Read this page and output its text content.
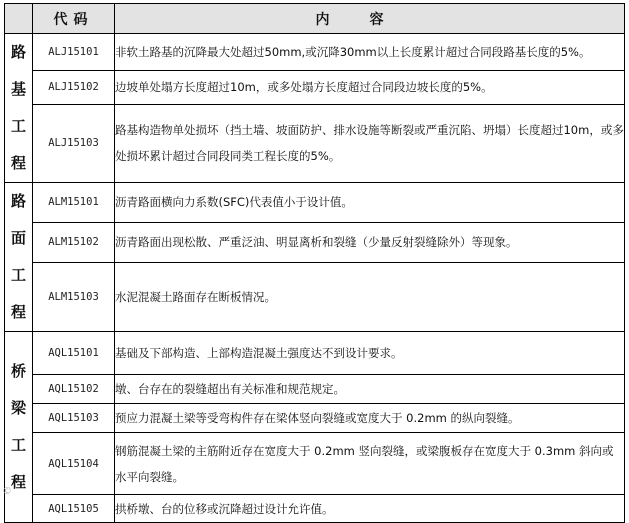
	代码	内容

路
基
工
程	ALJ15101	非软土路基的沉降最大处超过50mm,或沉降30mm以上长度累计超过合同段路基长度的5%。
	ALJ15102	边坡单处塌方长度超过10m，或多处塌方长度超过合同段边坡长度的5%。
	ALJ15103	路基构造物单处损坏（挡土墙、坡面防护、排水设施等断裂或严重沉陷、坍塌）长度超过10m，或多处损坏累计超过合同段同类工程长度的5%。

路
面
工
程	ALM15101	沥青路面横向力系数(SFC)代表值小于设计值。
	ALM15102	沥青路面出现松散、严重泛油、明显离析和裂缝（少量反射裂缝除外）等现象。
	ALM15103	水泥混凝土路面存在断板情况。

桥
梁
工
程	AQL15101	基础及下部构造、上部构造混凝土强度达不到设计要求。
	AQL15102	墩、台存在的裂缝超出有关标准和规范规定。
	AQL15103	预应力混凝土梁等受弯构件存在梁体竖向裂缝或宽度大于 0.2mm 的纵向裂缝。
	AQL15104	钢筋混凝土梁的主筋附近存在宽度大于 0.2mm 竖向裂缝，或梁腹板存在宽度大于 0.3mm 斜向或水平向裂缝。
	AQL15105	拱桥墩、台的位移或沉降超过设计允许值。
©
